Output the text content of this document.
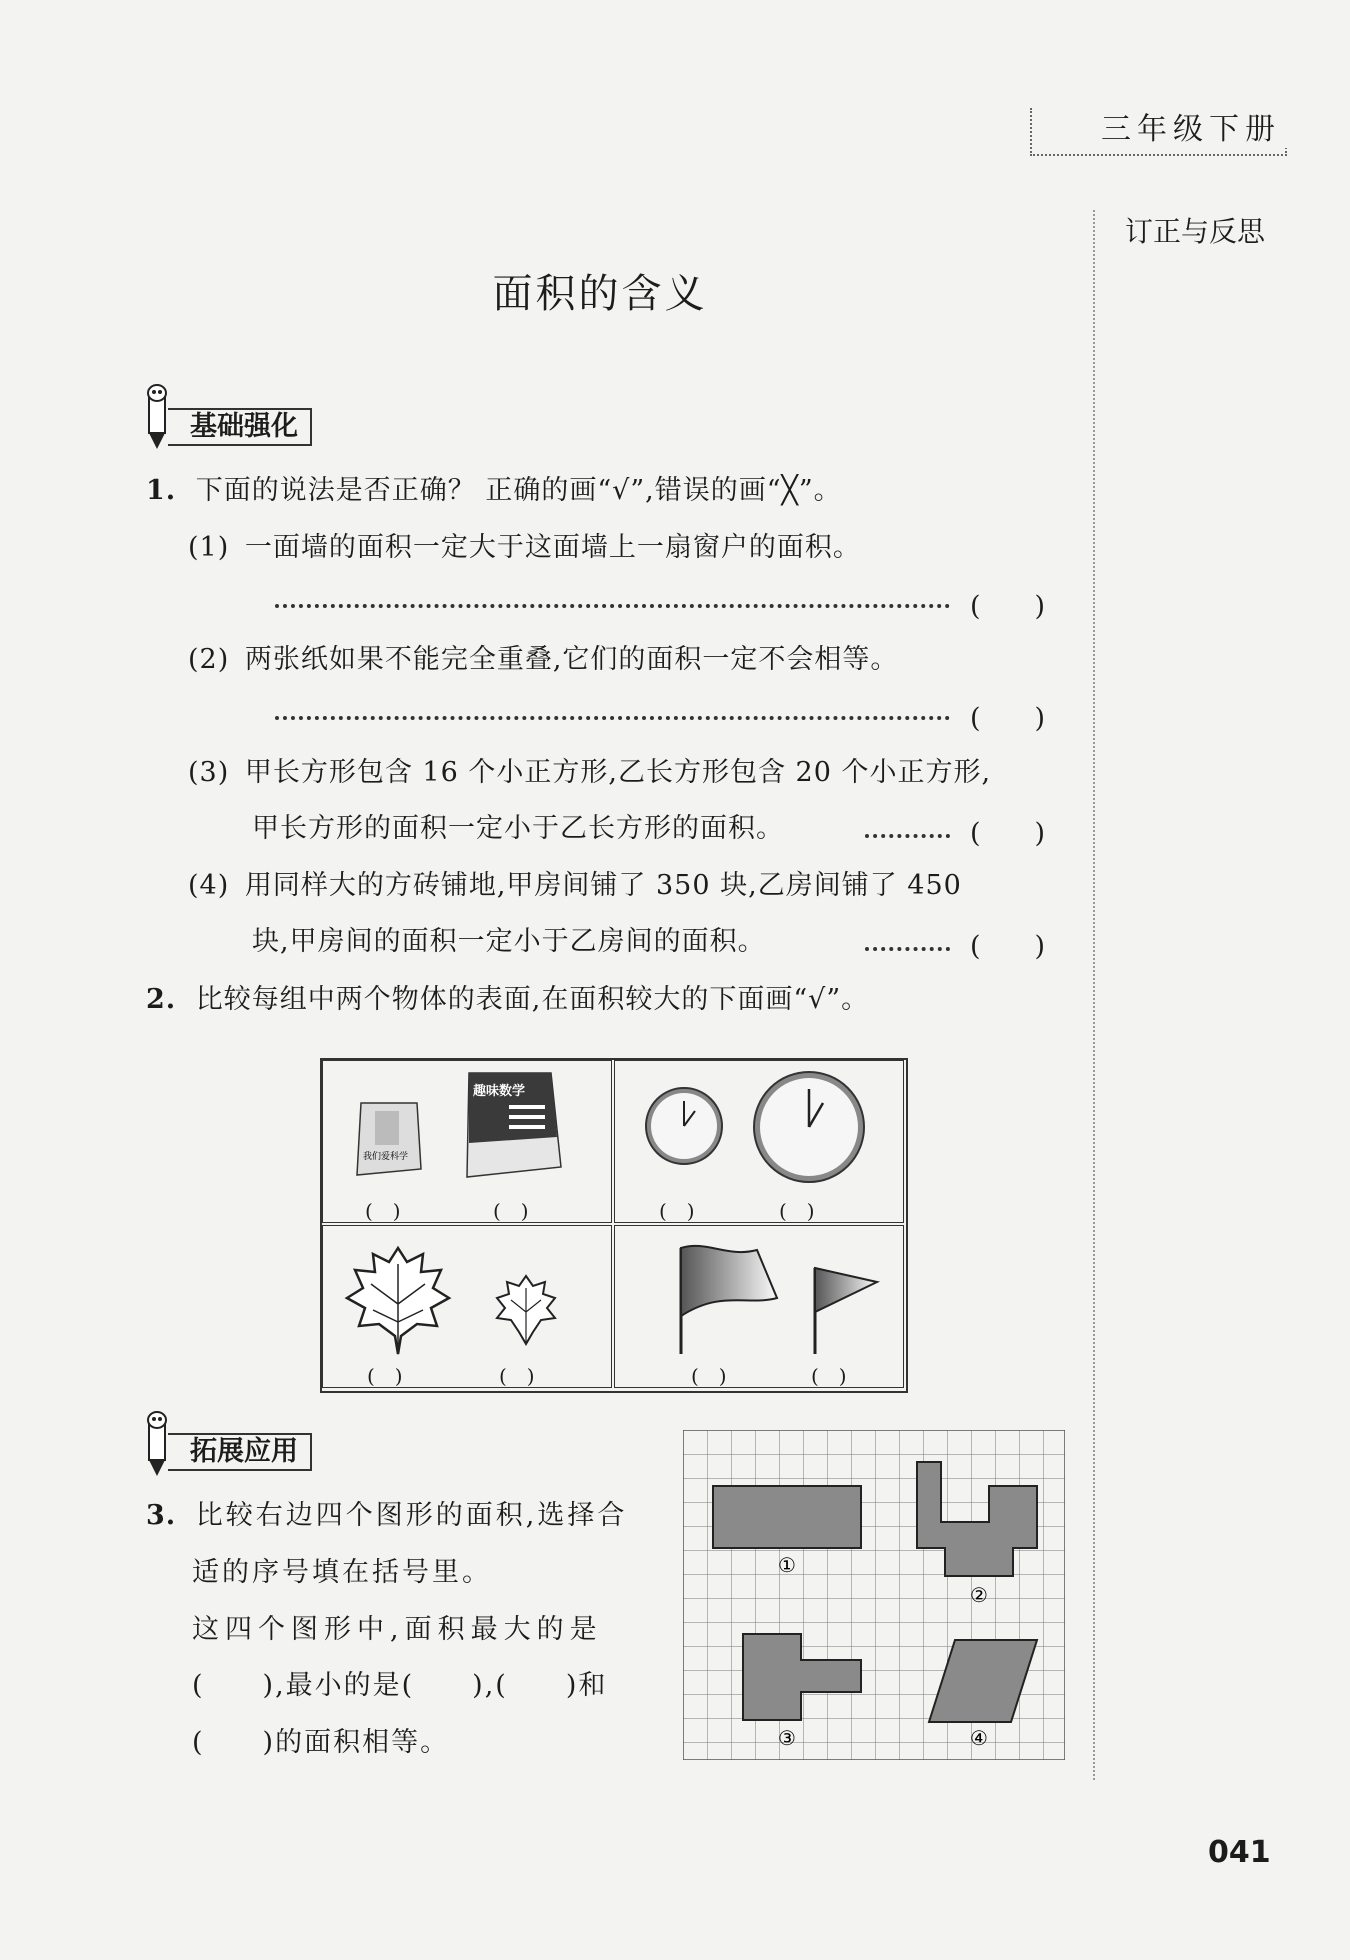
三年级下册
订正与反思
面积的含义
基础强化
1. 下面的说法是否正确？ 正确的画“√”,错误的画“╳”。
(1) 一面墙的面积一定大于这面墙上一扇窗户的面积。
(　　)
(2) 两张纸如果不能完全重叠,它们的面积一定不会相等。
(　　)
(3) 甲长方形包含 16 个小正方形,乙长方形包含 20 个小正方形,
甲长方形的面积一定小于乙长方形的面积。	(　　)
(4) 用同样大的方砖铺地,甲房间铺了 350 块,乙房间铺了 450
块,甲房间的面积一定小于乙房间的面积。	(　　)
2. 比较每组中两个物体的表面,在面积较大的下面画“√”。
我们爱科学
趣味数学
(　)	(　)	(　)	(　)
(　)	(　)	(　)	(　)
拓展应用
3. 比较右边四个图形的面积,选择合
适的序号填在括号里。
这四个图形中,面积最大的是
(　　),最小的是(　　),(　　)和
(　　)的面积相等。
①
②
③	④
041
